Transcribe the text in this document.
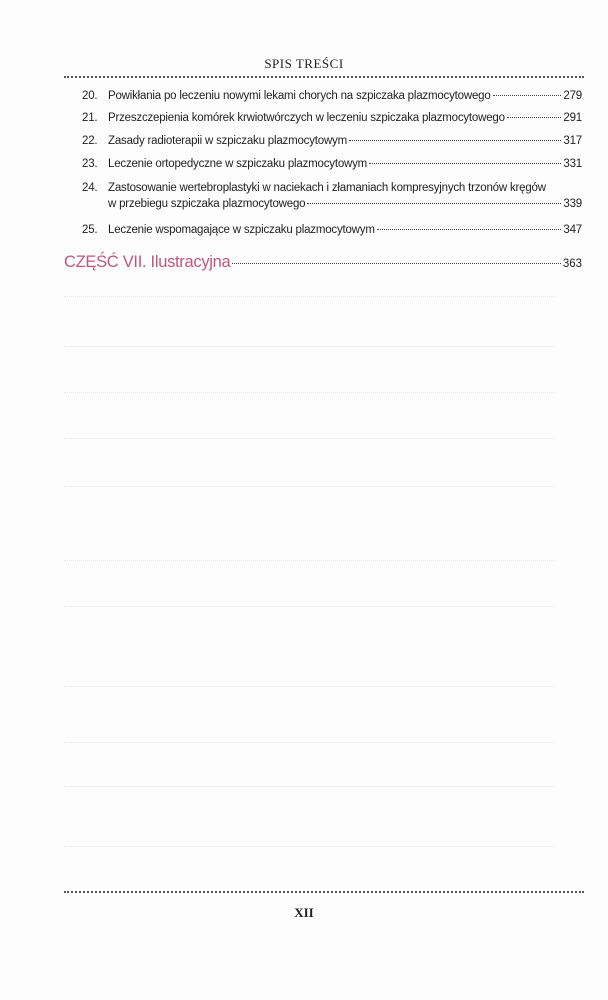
SPIS TREŚCI
20. Powikłania po leczeniu nowymi lekami chorych na szpiczaka plazmocytowego	279
21. Przeszczepienia komórek krwiotwórczych w leczeniu szpiczaka plazmocytowego	291
22. Zasady radioterapii w szpiczaku plazmocytowym	317
23. Leczenie ortopedyczne w szpiczaku plazmocytowym	331
24. Zastosowanie wertebroplastyki w naciekach i złamaniach kompresyjnych trzonów kręgów
w przebiegu szpiczaka plazmocytowego	339
25. Leczenie wspomagające w szpiczaku plazmocytowym	347
CZĘŚĆ VII. Ilustracyjna	363
XII
